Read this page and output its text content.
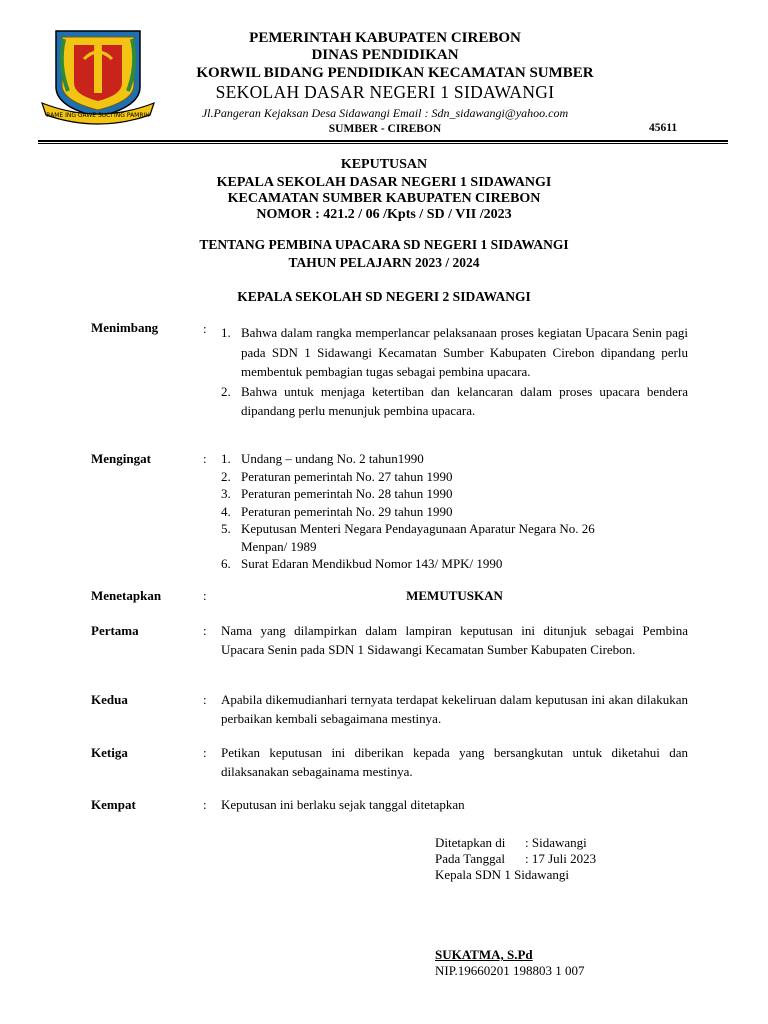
RAME ING GAWE SUCI ING PAMRIH
PEMERINTAH KABUPATEN CIREBON
DINAS PENDIDIKAN
KORWIL BIDANG PENDIDIKAN KECAMATAN SUMBER
SEKOLAH DASAR NEGERI 1 SIDAWANGI
Jl.Pangeran Kejaksan Desa Sidawangi Email : Sdn_sidawangi@yahoo.com
SUMBER - CIREBON	45611
KEPUTUSAN
KEPALA SEKOLAH DASAR NEGERI 1 SIDAWANGI
KECAMATAN SUMBER KABUPATEN CIREBON
NOMOR : 421.2 / 06 /Kpts / SD / VII /2023
TENTANG PEMBINA UPACARA SD NEGERI 1 SIDAWANGI
TAHUN PELAJARN 2023 / 2024
KEPALA SEKOLAH SD NEGERI 2 SIDAWANGI
Menimbang	: 1. Bahwa dalam rangka memperlancar pelaksanaan proses kegiatan Upacara Senin pagi pada SDN 1 Sidawangi Kecamatan Sumber Kabupaten Cirebon dipandang perlu membentuk pembagian tugas sebagai pembina upacara.
2. Bahwa untuk menjaga ketertiban dan kelancaran dalam proses upacara bendera dipandang perlu menunjuk pembina upacara.
Mengingat	: 1. Undang – undang No. 2 tahun1990
2. Peraturan pemerintah No. 27 tahun 1990
3. Peraturan pemerintah No. 28 tahun 1990
4. Peraturan pemerintah No. 29 tahun 1990
5. Keputusan Menteri Negara Pendayagunaan Aparatur Negara No. 26 Menpan/ 1989
6. Surat Edaran Mendikbud Nomor 143/ MPK/ 1990
Menetapkan	:	MEMUTUSKAN
Pertama	: Nama yang dilampirkan dalam lampiran keputusan ini ditunjuk sebagai Pembina Upacara Senin pada SDN 1 Sidawangi Kecamatan Sumber Kabupaten Cirebon.
Kedua	: Apabila dikemudianhari ternyata terdapat kekeliruan dalam keputusan ini akan dilakukan perbaikan kembali sebagaimana mestinya.
Ketiga	: Petikan keputusan ini diberikan kepada yang bersangkutan untuk diketahui dan dilaksanakan sebagainama mestinya.
Kempat	: Keputusan ini berlaku sejak tanggal ditetapkan
Ditetapkan di : Sidawangi
Pada Tanggal : 17 Juli 2023
Kepala SDN 1 Sidawangi
SUKATMA, S.Pd
NIP.19660201 198803 1 007
